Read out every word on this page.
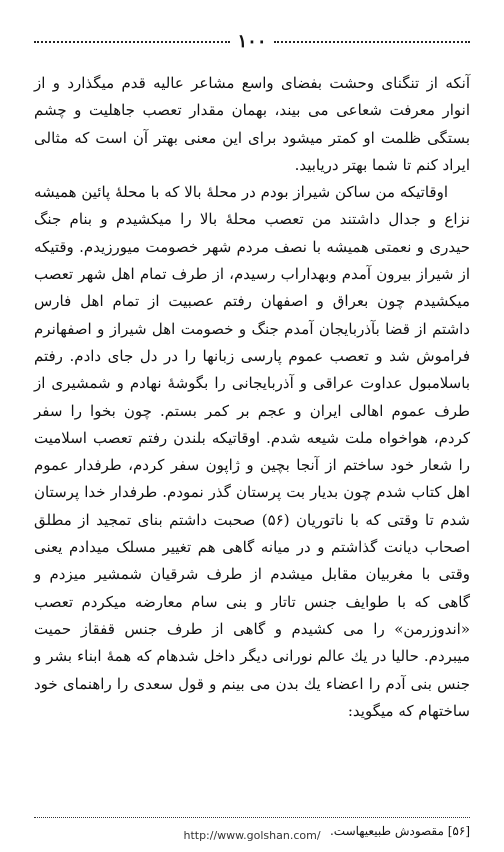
١٠٠

آنکه از تنگنای وحشت بفضای واسع مشاعر عالیه قدم میگذارد و از انوار معرفت شعاعی می بیند، بهمان مقدار تعصب جاهلیت و چشم بستگی ظلمت او کمتر میشود برای این معنی بهتر آن است که مثالی ایراد کنم تا شما بهتر دریابید.

اوقاتیکه من ساکن شیراز بودم در محلهٔ بالا که با محلهٔ پائین همیشه نزاع و جدال داشتند من تعصب محلهٔ بالا را میکشیدم و بنام جنگ حیدری و نعمتی همیشه با نصف مردم شهر خصومت میورزیدم. وقتیکه از شیراز بیرون آمدم وبهداراب رسیدم، از طرف تمام اهل شهر تعصب میکشیدم چون بعراق و اصفهان رفتم عصبیت از تمام اهل فارس داشتم از قضا بآذربایجان آمدم جنگ و خصومت اهل شیراز و اصفهانرم فراموش شد و تعصب عموم پارسی زبانها را در دل جای دادم. رفتم باسلامبول عداوت عراقی و آذربایجانی را بگوشهٔ نهادم و شمشیری از طرف عموم اهالی ایران و عجم بر کمر بستم. چون بخوا را سفر کردم، هواخواه ملت شیعه شدم. اوقاتیکه بلندن رفتم تعصب اسلامیت را شعار خود ساختم از آنجا بچین و ژاپون سفر کردم، طرفدار عموم اهل کتاب شدم چون بدیار بت پرستان گذر نمودم. طرفدار خدا پرستان شدم تا وقتی که با ناتوریان (۵۶) صحبت داشتم بنای تمجید از مطلق اصحاب دیانت گذاشتم و در میانه گاهی هم تغییر مسلک میدادم یعنی وقتی با مغربیان مقابل میشدم از طرف شرقیان شمشیر میزدم و گاهی که با طوایف جنس تاتار و بنی سام معارضه میکردم تعصب «اندوزرمن» را می کشیدم و گاهی از طرف جنس قفقاز حمیت میبردم. حالیا در یك عالم نورانی دیگر داخل شدهام که همهٔ ابناء بشر و جنس بنی آدم را اعضاء یك بدن می بینم و قول سعدی را راهنمای خود ساختهام که میگوید:

[۵۶] مقصودش طبیعیهاست.
http://www.golshan.com/
